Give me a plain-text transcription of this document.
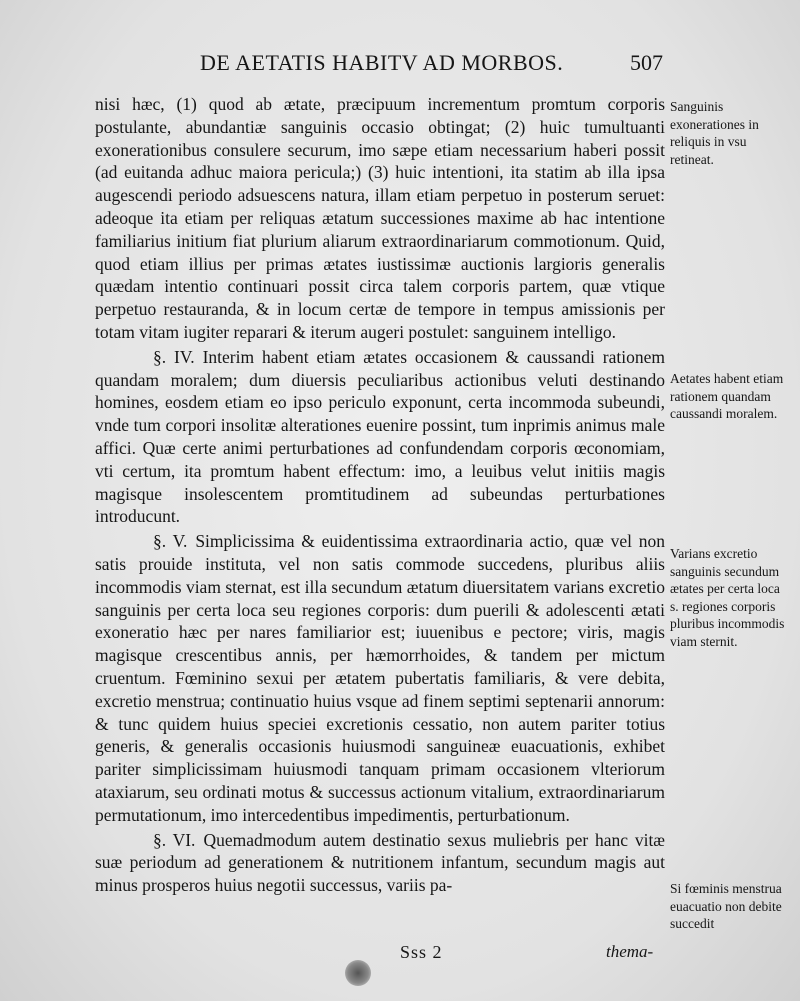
DE AETATIS HABITV AD MORBOS.	507

nisi hæc, (1) quod ab ætate, præcipuum incrementum promtum corporis postulante, abundantiæ sanguinis occasio obtingat; (2) huic tumultuanti exonerationibus consulere securum, imo sæpe etiam necessarium haberi possit (ad euitanda adhuc maiora pericula;) (3) huic intentioni, ita statim ab illa ipsa augescendi periodo adsuescens natura, illam etiam perpetuo in posterum seruet: adeoque ita etiam per reliquas ætatum successiones maxime ab hac intentione familiarius initium fiat plurium aliarum extraordinariarum commotionum. Quid, quod etiam illius per primas ætates iustissimæ auctionis largioris generalis quædam intentio continuari possit circa talem corporis partem, quæ vtique perpetuo restauranda, & in locum certæ de tempore in tempus amissionis per totam vitam iugiter reparari & iterum augeri postulet: sanguinem intelligo.

§. IV. Interim habent etiam ætates occasionem & caussandi rationem quandam moralem; dum diuersis peculiaribus actionibus veluti destinando homines, eosdem etiam eo ipso periculo exponunt, certa incommoda subeundi, vnde tum corpori insolitæ alterationes euenire possint, tum inprimis animus male affici. Quæ certe animi perturbationes ad confundendam corporis œconomiam, vti certum, ita promtum habent effectum: imo, a leuibus velut initiis magis magisque insolescentem promtitudinem ad subeundas perturbationes introducunt.

§. V. Simplicissima & euidentissima extraordinaria actio, quæ vel non satis prouide instituta, vel non satis commode succedens, pluribus aliis incommodis viam sternat, est illa secundum ætatum diuersitatem varians excretio sanguinis per certa loca seu regiones corporis: dum puerili & adolescenti ætati exoneratio hæc per nares familiarior est; iuuenibus e pectore; viris, magis magisque crescentibus annis, per hæmorrhoides, & tandem per mictum cruentum. Fœminino sexui per ætatem pubertatis familiaris, & vere debita, excretio menstrua; continuatio huius vsque ad finem septimi septenarii annorum: & tunc quidem huius speciei excretionis cessatio, non autem pariter totius generis, & generalis occasionis huiusmodi sanguineæ euacuationis, exhibet pariter simplicissimam huiusmodi tanquam primam occasionem vlteriorum ataxiarum, seu ordinati motus & successus actionum vitalium, extraordinariarum permutationum, imo intercedentibus impedimentis, perturbationum.

§. VI. Quemadmodum autem destinatio sexus muliebris per hanc vitæ suæ periodum ad generationem & nutritionem infantum, secundum magis aut minus prosperos huius negotii successus, variis pa-

Sanguinis exonerationes in reliquis in vsu retineat.
Aetates habent etiam rationem quandam caussandi moralem.
Varians excretio sanguinis secundum ætates per certa loca s. regiones corporis pluribus incommodis viam sternit.
Si fœminis menstrua euacuatio non debite succedit
Sss 2	thema-
